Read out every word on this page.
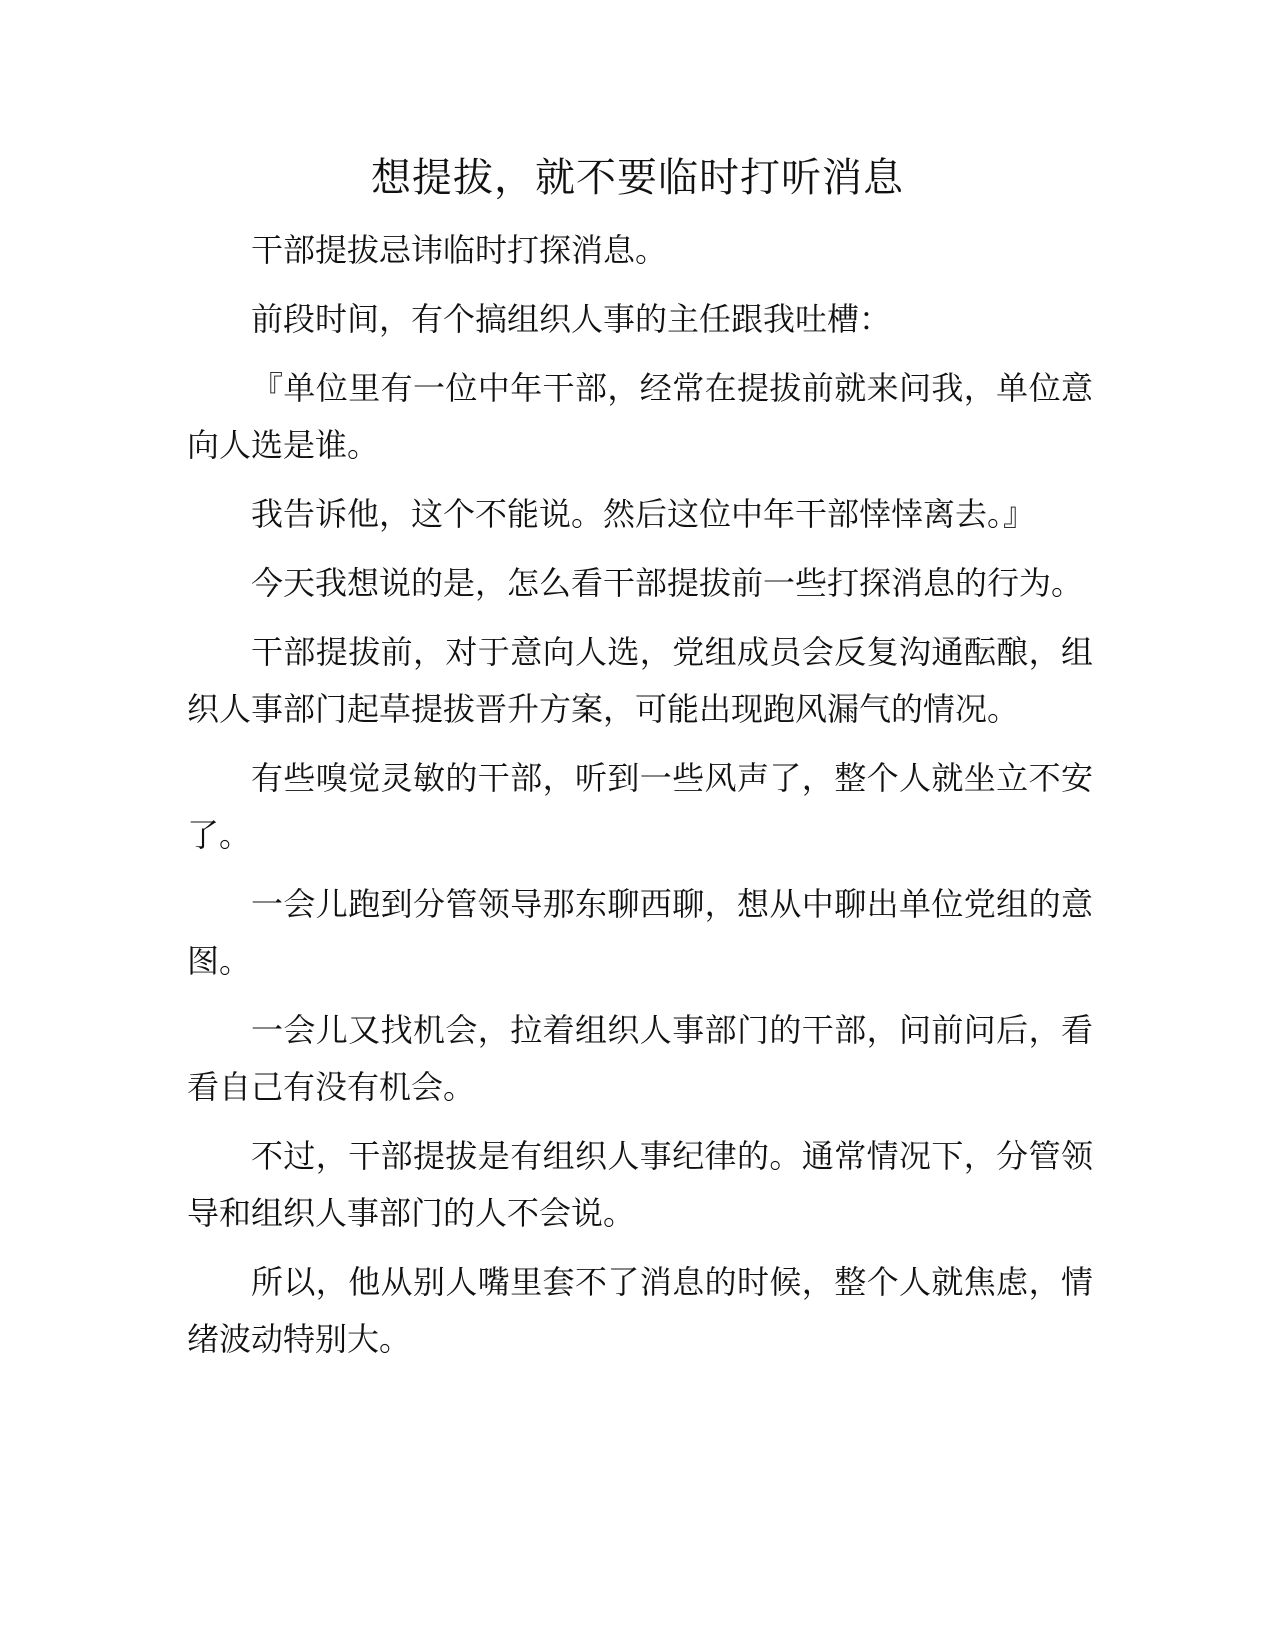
想提拔，就不要临时打听消息

干部提拔忌讳临时打探消息。

前段时间，有个搞组织人事的主任跟我吐槽：

『单位里有一位中年干部，经常在提拔前就来问我，单位意向人选是谁。

我告诉他，这个不能说。然后这位中年干部悻悻离去。』

今天我想说的是，怎么看干部提拔前一些打探消息的行为。

干部提拔前，对于意向人选，党组成员会反复沟通酝酿，组织人事部门起草提拔晋升方案，可能出现跑风漏气的情况。

有些嗅觉灵敏的干部，听到一些风声了，整个人就坐立不安了。

一会儿跑到分管领导那东聊西聊，想从中聊出单位党组的意图。

一会儿又找机会，拉着组织人事部门的干部，问前问后，看看自己有没有机会。

不过，干部提拔是有组织人事纪律的。通常情况下，分管领导和组织人事部门的人不会说。

所以，他从别人嘴里套不了消息的时候，整个人就焦虑，情绪波动特别大。
